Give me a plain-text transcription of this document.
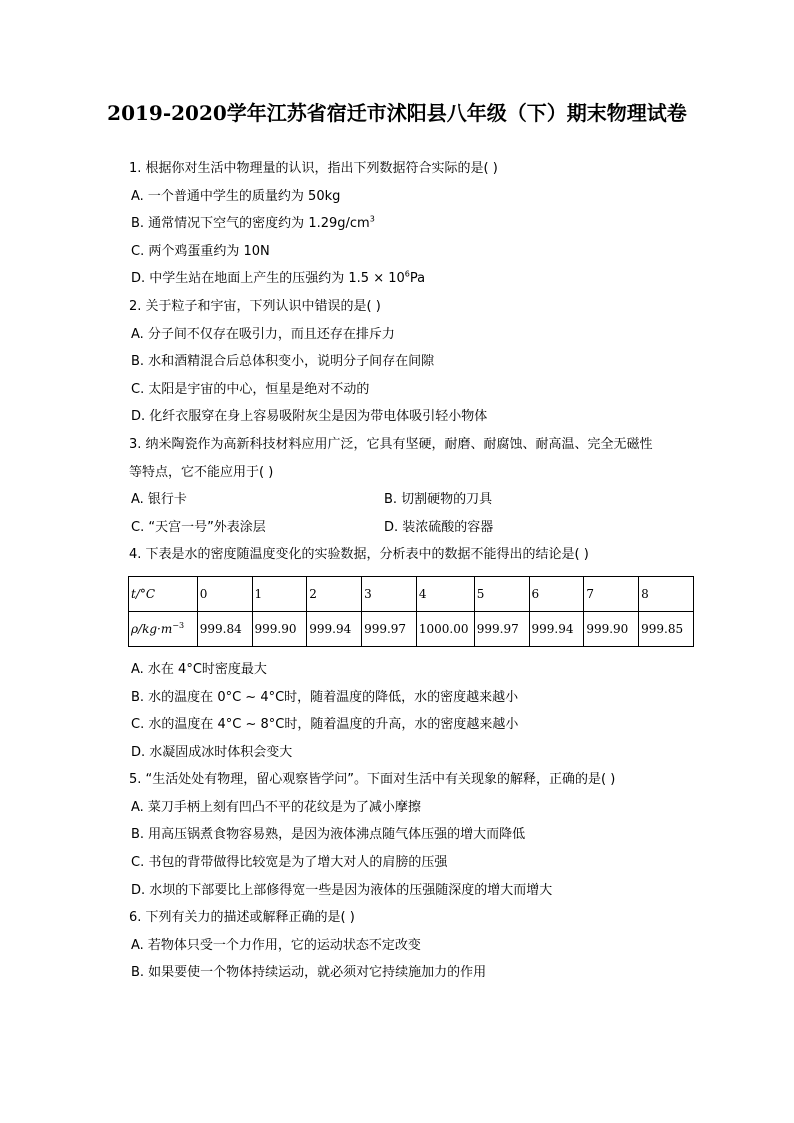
2019-2020学年江苏省宿迁市沭阳县八年级（下）期末物理试卷
1. 根据你对生活中物理量的认识，指出下列数据符合实际的是( )
A. 一个普通中学生的质量约为 50kg
B. 通常情况下空气的密度约为 $1.29g/cm^3$
C. 两个鸡蛋重约为 10N
D. 中学生站在地面上产生的压强约为 $1.5 \times 10^6Pa$
2. 关于粒子和宇宙，下列认识中错误的是( )
A. 分子间不仅存在吸引力，而且还存在排斥力
B. 水和酒精混合后总体积变小，说明分子间存在间隙
C. 太阳是宇宙的中心，恒星是绝对不动的
D. 化纤衣服穿在身上容易吸附灰尘是因为带电体吸引轻小物体
3. 纳米陶瓷作为高新科技材料应用广泛，它具有坚硬，耐磨、耐腐蚀、耐高温、完全无磁性
等特点，它不能应用于( )
A. 银行卡	B. 切割硬物的刀具
C. “天宫一号”外表涂层	D. 装浓硫酸的容器
4. 下表是水的密度随温度变化的实验数据，分析表中的数据不能得出的结论是( )
t/°C	0	1	2	3	4	5	6	7	8
$\rho/kg\cdot m^{-3}$	999.84	999.90	999.94	999.97	1000.00	999.97	999.94	999.90	999.85
A. 水在 4°C时密度最大
B. 水的温度在 0°C ~ 4°C时，随着温度的降低，水的密度越来越小
C. 水的温度在 4°C ~ 8°C时，随着温度的升高，水的密度越来越小
D. 水凝固成冰时体积会变大
5. “生活处处有物理，留心观察皆学问”。下面对生活中有关现象的解释，正确的是( )
A. 菜刀手柄上刻有凹凸不平的花纹是为了减小摩擦
B. 用高压锅煮食物容易熟，是因为液体沸点随气体压强的增大而降低
C. 书包的背带做得比较宽是为了增大对人的肩膀的压强
D. 水坝的下部要比上部修得宽一些是因为液体的压强随深度的增大而增大
6. 下列有关力的描述或解释正确的是( )
A. 若物体只受一个力作用，它的运动状态不定改变
B. 如果要使一个物体持续运动，就必须对它持续施加力的作用
